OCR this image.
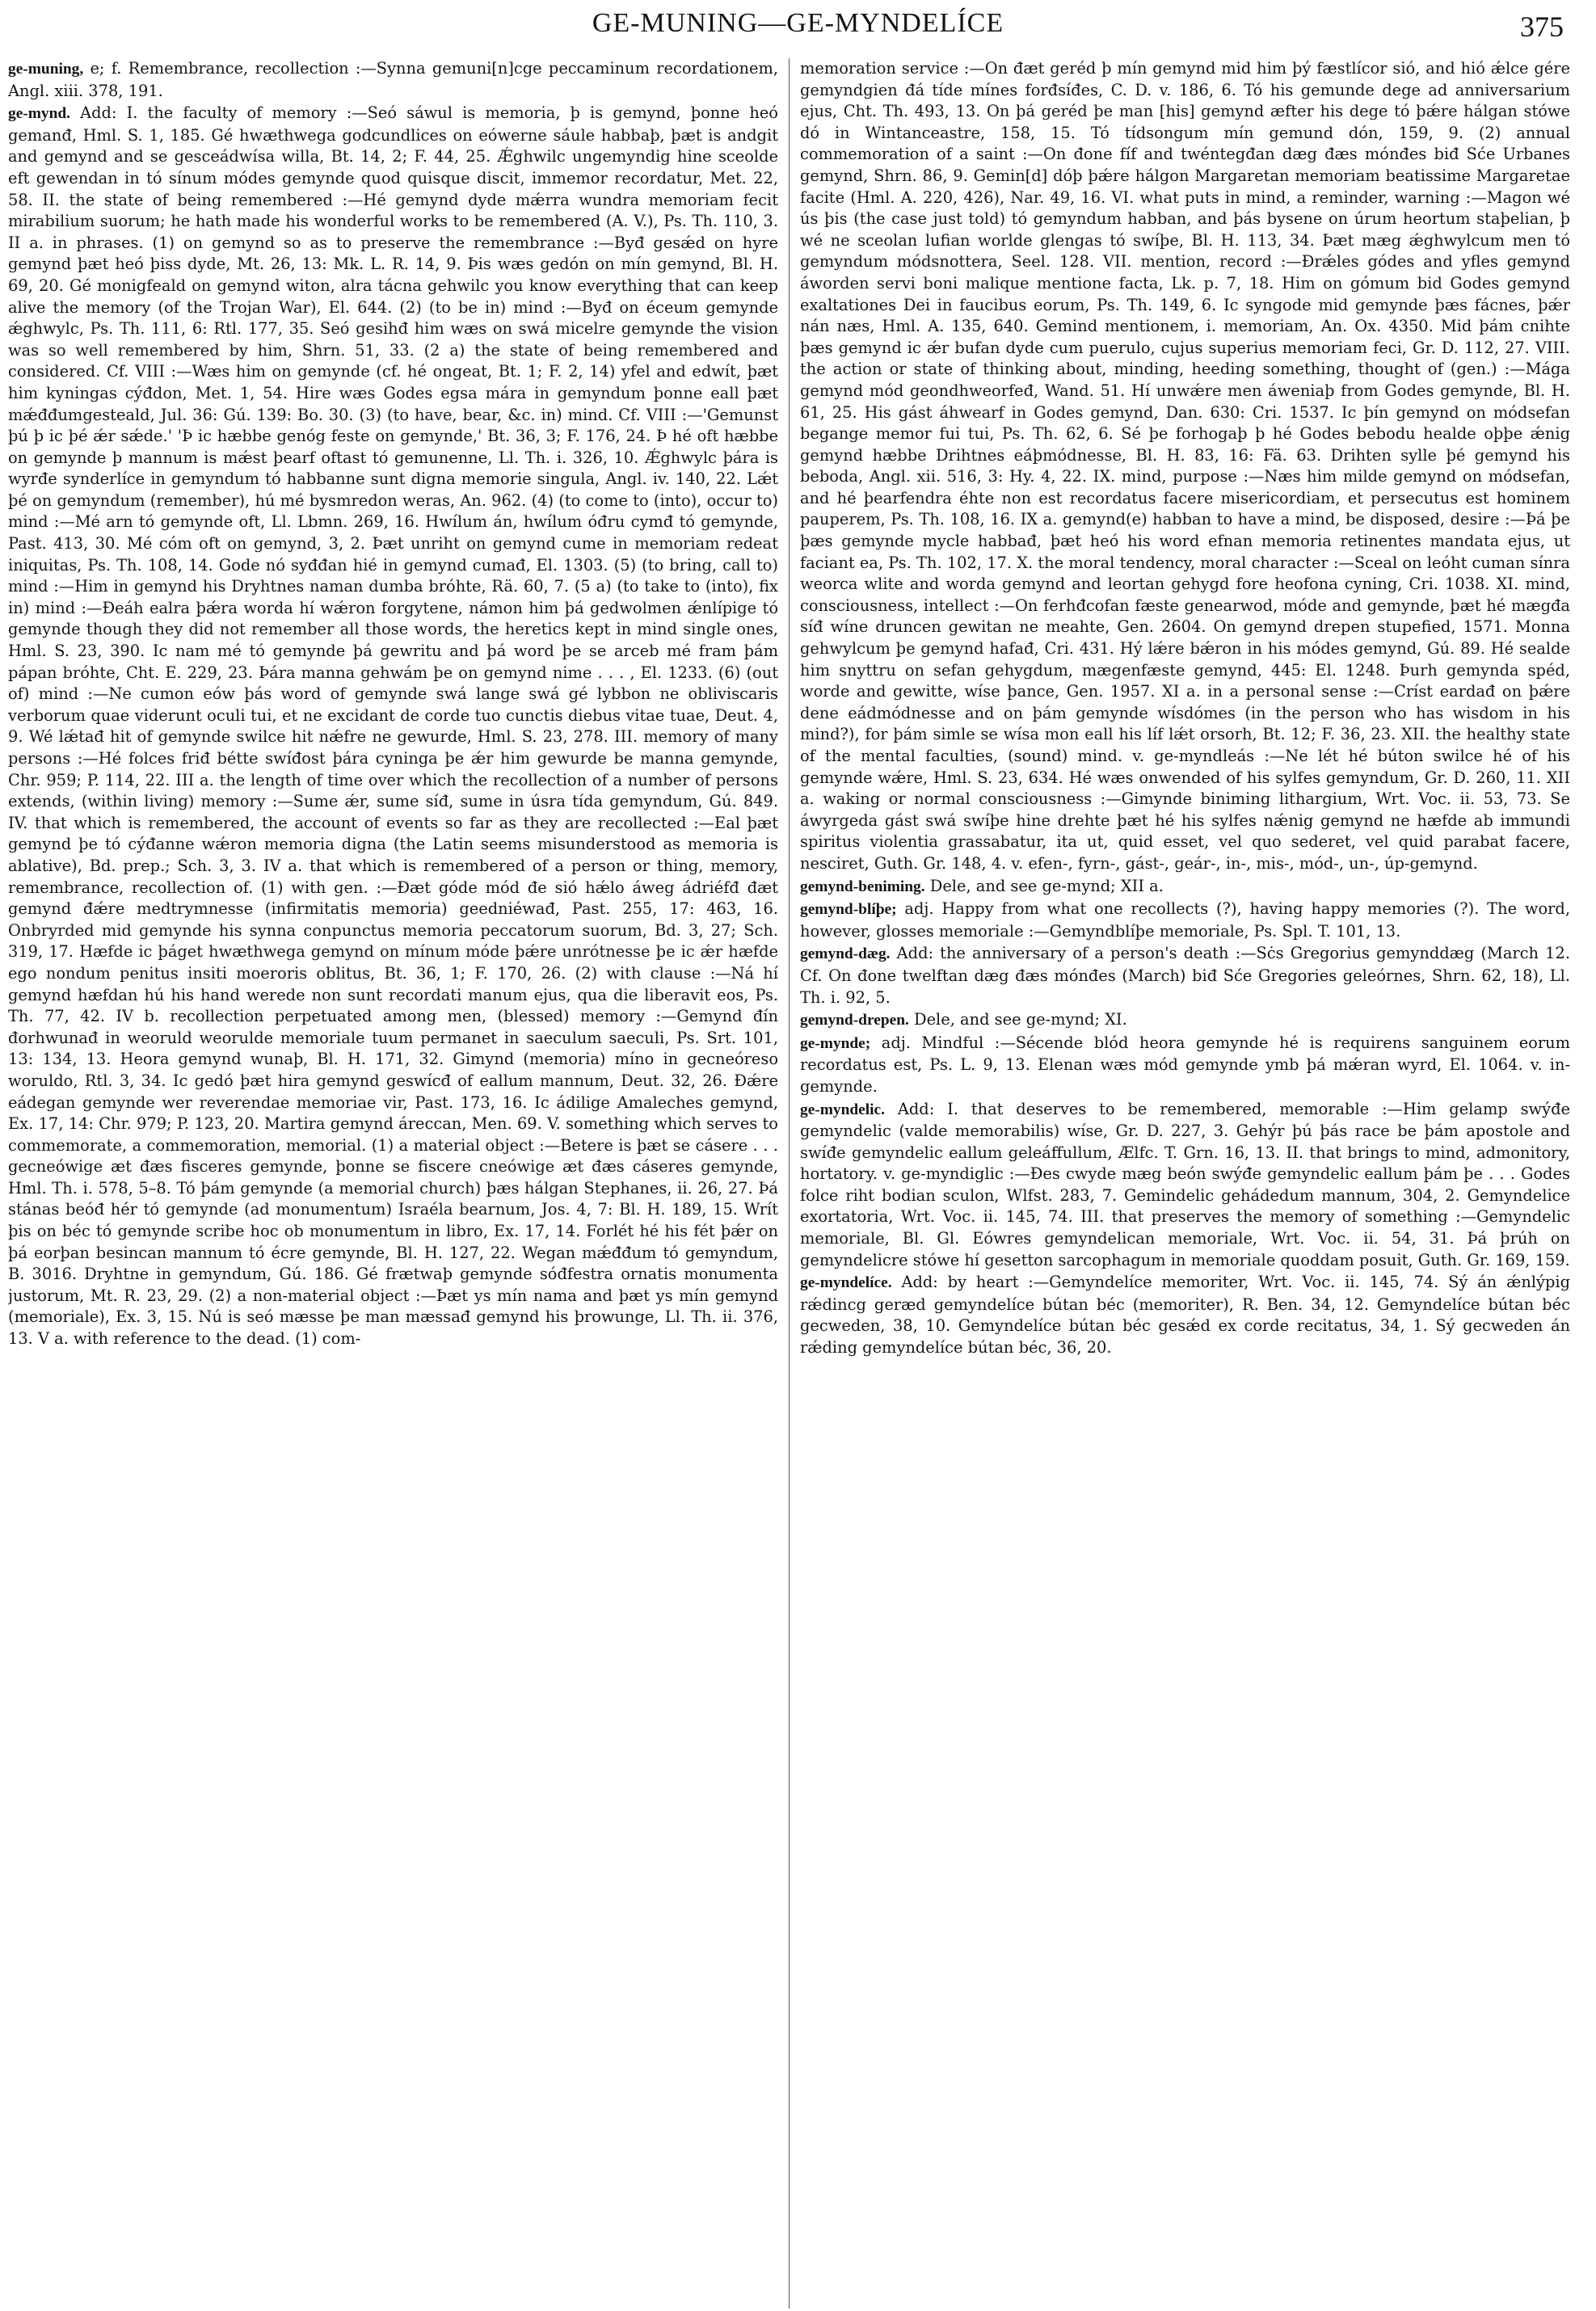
GE-MUNING—GE-MYNDELÍCE	375
ge-muning, e; f. Remembrance, recollection :—Synna gemuni[n]cge peccaminum recordationem, Angl. xiii. 378, 191.
ge-mynd. Add: I. the faculty of memory :—Seó sáwul is memoria, þ is gemynd, þonne heó gemanđ, Hml. S. 1, 185. Gé hwæthwega godcundlices on eówerne sáule habbaþ, þæt is andgit and gemynd and se gesceádwísa willa, Bt. 14, 2; F. 44, 25. Ǽghwilc ungemyndig hine sceolde eft gewendan in tó sínum módes gemynde quod quisque discit, immemor recordatur, Met. 22, 58. II. the state of being remembered :—Hé gemynd dyde mǽrra wundra memoriam fecit mirabilium suorum; he hath made his wonderful works to be remembered (A. V.), Ps. Th. 110, 3. II a. in phrases. (1) on gemynd so as to preserve the remembrance :—Byđ gesǽd on hyre gemynd þæt heó þiss dyde, Mt. 26, 13: Mk. L. R. 14, 9. Þis wæs gedón on mín gemynd, Bl. H. 69, 20. Gé monigfeald on gemynd witon, alra tácna gehwilc you know everything that can keep alive the memory (of the Trojan War), El. 644. (2) (to be in) mind :—Byđ on éceum gemynde ǽghwylc, Ps. Th. 111, 6: Rtl. 177, 35. Seó gesihđ him wæs on swá micelre gemynde the vision was so well remembered by him, Shrn. 51, 33. (2 a) the state of being remembered and considered. Cf. VIII :—Wæs him on gemynde (cf. hé ongeat, Bt. 1; F. 2, 14) yfel and edwít, þæt him kyningas cýđdon, Met. 1, 54. Hire wæs Godes egsa mára in gemyndum þonne eall þæt mǽđđumgesteald, Jul. 36: Gú. 139: Bo. 30. (3) (to have, bear, &c. in) mind. Cf. VIII :—'Gemunst þú þ ic þé ǽr sǽde.' 'Þ ic hæbbe genóg feste on gemynde,' Bt. 36, 3; F. 176, 24. Þ hé oft hæbbe on gemynde þ mannum is mǽst þearf oftast tó gemunenne, Ll. Th. i. 326, 10. Ǽghwylc þára is wyrđe synderlíce in gemyndum tó habbanne sunt digna memorie singula, Angl. iv. 140, 22. Lǽt þé on gemyndum (remember), hú mé bysmredon weras, An. 962. (4) (to come to (into), occur to) mind :—Mé arn tó gemynde oft, Ll. Lbmn. 269, 16. Hwílum án, hwílum óđru cymđ tó gemynde, Past. 413, 30. Mé cóm oft on gemynd, 3, 2. Þæt unriht on gemynd cume in memoriam redeat iniquitas, Ps. Th. 108, 14. Gode nó syđđan hié in gemynd cumađ, El. 1303. (5) (to bring, call to) mind :—Him in gemynd his Dryhtnes naman dumba bróhte, Rä. 60, 7. (5 a) (to take to (into), fix in) mind :—Đeáh ealra þǽra worda hí wǽron forgytene, námon him þá gedwolmen ǽnlípige tó gemynde though they did not remember all those words, the heretics kept in mind single ones, Hml. S. 23, 390. Ic nam mé tó gemynde þá gewritu and þá word þe se arceb mé fram þám pápan bróhte, Cht. E. 229, 23. Þára manna gehwám þe on gemynd nime . . . , El. 1233. (6) (out of) mind :—Ne cumon eów þás word of gemynde swá lange swá gé lybbon ne obliviscaris verborum quae viderunt oculi tui, et ne excidant de corde tuo cunctis diebus vitae tuae, Deut. 4, 9. Wé lǽtađ hit of gemynde swilce hit nǽfre ne gewurde, Hml. S. 23, 278. III. memory of many persons :—Hé folces friđ bétte swíđost þára cyninga þe ǽr him gewurde be manna gemynde, Chr. 959; P. 114, 22. III a. the length of time over which the recollection of a number of persons extends, (within living) memory :—Sume ǽr, sume síđ, sume in úsra tída gemyndum, Gú. 849. IV. that which is remembered, the account of events so far as they are recollected :—Eal þæt gemynd þe tó cýđanne wǽron memoria digna (the Latin seems misunderstood as memoria is ablative), Bd. prep.; Sch. 3, 3. IV a. that which is remembered of a person or thing, memory, remembrance, recollection of. (1) with gen. :—Đæt góde mód đe sió hǽlo áweg ádriéfđ đæt gemynd đǽre medtrymnesse (infirmitatis memoria) geedniéwađ, Past. 255, 17: 463, 16. Onbryrded mid gemynde his synna conpunctus memoria peccatorum suorum, Bd. 3, 27; Sch. 319, 17. Hæfde ic þáget hwæthwega gemynd on mínum móde þǽre unrótnesse þe ic ǽr hæfde ego nondum penitus insiti moeroris oblitus, Bt. 36, 1; F. 170, 26. (2) with clause :—Ná hí gemynd hæfdan hú his hand werede non sunt recordati manum ejus, qua die liberavit eos, Ps. Th. 77, 42. IV b. recollection perpetuated among men, (blessed) memory :—Gemynd đín đorhwunađ in weoruld weorulde memoriale tuum permanet in saeculum saeculi, Ps. Srt. 101, 13: 134, 13. Heora gemynd wunaþ, Bl. H. 171, 32. Gimynd (memoria) míno in gecneóreso woruldo, Rtl. 3, 34. Ic gedó þæt hira gemynd geswícđ of eallum mannum, Deut. 32, 26. Đǽre eádegan gemynde wer reverendae memoriae vir, Past. 173, 16. Ic ádilige Amaleches gemynd, Ex. 17, 14: Chr. 979; P. 123, 20. Martira gemynd áreccan, Men. 69. V. something which serves to commemorate, a commemoration, memorial. (1) a material object :—Betere is þæt se cásere . . . gecneówige æt đæs fisceres gemynde, þonne se fiscere cneówige æt đæs cáseres gemynde, Hml. Th. i. 578, 5–8. Tó þám gemynde (a memorial church) þæs hálgan Stephanes, ii. 26, 27. Þá stánas beóđ hér tó gemynde (ad monumentum) Israéla bearnum, Jos. 4, 7: Bl. H. 189, 15. Wrít þis on béc tó gemynde scribe hoc ob monumentum in libro, Ex. 17, 14. Forlét hé his fét þǽr on þá eorþan besincan mannum tó écre gemynde, Bl. H. 127, 22. Wegan mǽđđum tó gemyndum, B. 3016. Dryhtne in gemyndum, Gú. 186. Gé frætwaþ gemynde sóđfestra ornatis monumenta justorum, Mt. R. 23, 29. (2) a non-material object :—Þæt ys mín nama and þæt ys mín gemynd (memoriale), Ex. 3, 15. Nú is seó mæsse þe man mæssađ gemynd his þrowunge, Ll. Th. ii. 376, 13. V a. with reference to the dead. (1) com-
memoration service :—On đæt geréd þ mín gemynd mid him þý fæstlícor sió, and hió ǽlce gére gemyndgien đá tíde mínes forđsíđes, C. D. v. 186, 6. Tó his gemunde dege ad anniversarium ejus, Cht. Th. 493, 13. On þá geréd þe man [his] gemynd æfter his dege tó þǽre hálgan stówe dó in Wintanceastre, 158, 15. Tó tídsongum mín gemund dón, 159, 9. (2) annual commemoration of a saint :—On đone fíf and twéntegđan dæg đæs mónđes biđ Sće Urbanes gemynd, Shrn. 86, 9. Gemin[d] dóþ þǽre hálgon Margaretan memoriam beatissime Margaretae facite (Hml. A. 220, 426), Nar. 49, 16. VI. what puts in mind, a reminder, warning :—Magon wé ús þis (the case just told) tó gemyndum habban, and þás bysene on úrum heortum staþelian, þ wé ne sceolan lufian worlde glengas tó swíþe, Bl. H. 113, 34. Þæt mæg ǽghwylcum men tó gemyndum módsnottera, Seel. 128. VII. mention, record :—Đrǽles gódes and yfles gemynd áworden servi boni malique mentione facta, Lk. p. 7, 18. Him on gómum bid Godes gemynd exaltationes Dei in faucibus eorum, Ps. Th. 149, 6. Ic syngode mid gemynde þæs fácnes, þǽr nán næs, Hml. A. 135, 640. Gemind mentionem, i. memoriam, An. Ox. 4350. Mid þám cnihte þæs gemynd ic ǽr bufan dyde cum puerulo, cujus superius memoriam feci, Gr. D. 112, 27. VIII. the action or state of thinking about, minding, heeding something, thought of (gen.) :—Mága gemynd mód geondhweorfeđ, Wand. 51. Hí unwǽre men áweniaþ from Godes gemynde, Bl. H. 61, 25. His gást áhwearf in Godes gemynd, Dan. 630: Cri. 1537. Ic þín gemynd on módsefan begange memor fui tui, Ps. Th. 62, 6. Sé þe forhogaþ þ hé Godes bebodu healde oþþe ǽnig gemynd hæbbe Drihtnes eáþmódnesse, Bl. H. 83, 16: Fä. 63. Drihten sylle þé gemynd his beboda, Angl. xii. 516, 3: Hy. 4, 22. IX. mind, purpose :—Næs him milde gemynd on módsefan, and hé þearfendra éhte non est recordatus facere misericordiam, et persecutus est hominem pauperem, Ps. Th. 108, 16. IX a. gemynd(e) habban to have a mind, be disposed, desire :—Þá þe þæs gemynde mycle habbađ, þæt heó his word efnan memoria retinentes mandata ejus, ut faciant ea, Ps. Th. 102, 17. X. the moral tendency, moral character :—Sceal on leóht cuman sínra weorca wlite and worda gemynd and leortan gehygd fore heofona cyning, Cri. 1038. XI. mind, consciousness, intellect :—On ferhđcofan fæste genearwod, móde and gemynde, þæt hé mægđa síđ wíne druncen gewitan ne meahte, Gen. 2604. On gemynd drepen stupefied, 1571. Monna gehwylcum þe gemynd hafađ, Cri. 431. Hý lǽre bǽron in his módes gemynd, Gú. 89. Hé sealde him snyttru on sefan gehygdum, mægenfæste gemynd, 445: El. 1248. Þurh gemynda spéd, worde and gewitte, wíse þance, Gen. 1957. XI a. in a personal sense :—Críst eardađ on þǽre dene eádmódnesse and on þám gemynde wísdómes (in the person who has wisdom in his mind?), for þám simle se wísa mon eall his líf lǽt orsorh, Bt. 12; F. 36, 23. XII. the healthy state of the mental faculties, (sound) mind. v. ge-myndleás :—Ne lét hé búton swilce hé of his gemynde wǽre, Hml. S. 23, 634. Hé wæs onwended of his sylfes gemyndum, Gr. D. 260, 11. XII a. waking or normal consciousness :—Gimynde biniming lithargium, Wrt. Voc. ii. 53, 73. Se áwyrgeda gást swá swíþe hine drehte þæt hé his sylfes nǽnig gemynd ne hæfde ab immundi spiritus violentia grassabatur, ita ut, quid esset, vel quo sederet, vel quid parabat facere, nesciret, Guth. Gr. 148, 4. v. efen-, fyrn-, gást-, geár-, in-, mis-, mód-, un-, úp-gemynd.
gemynd-beniming. Dele, and see ge-mynd; XII a.
gemynd-blíþe; adj. Happy from what one recollects (?), having happy memories (?). The word, however, glosses memoriale :—Gemyndblíþe memoriale, Ps. Spl. T. 101, 13.
gemynd-dæg. Add: the anniversary of a person's death :—Sċs Gregorius gemynddæg (March 12. Cf. On đone twelftan dæg đæs mónđes (March) biđ Sće Gregories geleórnes, Shrn. 62, 18), Ll. Th. i. 92, 5.
gemynd-drepen. Dele, and see ge-mynd; XI.
ge-mynde; adj. Mindful :—Sécende blód heora gemynde hé is requirens sanguinem eorum recordatus est, Ps. L. 9, 13. Elenan wæs mód gemynde ymb þá mǽran wyrd, El. 1064. v. in-gemynde.
ge-myndelic. Add: I. that deserves to be remembered, memorable :—Him gelamp swýđe gemyndelic (valde memorabilis) wíse, Gr. D. 227, 3. Gehýr þú þás race be þám apostole and swíđe gemyndelic eallum geleáffullum, Ælfc. T. Grn. 16, 13. II. that brings to mind, admonitory, hortatory. v. ge-myndiglic :—Đes cwyde mæg beón swýđe gemyndelic eallum þám þe . . . Godes folce riht bodian sculon, Wlfst. 283, 7. Gemindelic gehádedum mannum, 304, 2. Gemyndelice exortatoria, Wrt. Voc. ii. 145, 74. III. that preserves the memory of something :—Gemyndelic memoriale, Bl. Gl. Eówres gemyndelican memoriale, Wrt. Voc. ii. 54, 31. Þá þrúh on gemyndelicre stówe hí gesetton sarcophagum in memoriale quoddam posuit, Guth. Gr. 169, 159.
ge-myndelíce. Add: by heart :—Gemyndelíce memoriter, Wrt. Voc. ii. 145, 74. Sý án ǽnlýpig rǽdincg geræd gemyndelíce bútan béc (memoriter), R. Ben. 34, 12. Gemyndelíce bútan béc gecweden, 38, 10. Gemyndelíce bútan béc gesǽd ex corde recitatus, 34, 1. Sý gecweden án rǽding gemyndelíce bútan béc, 36, 20.
